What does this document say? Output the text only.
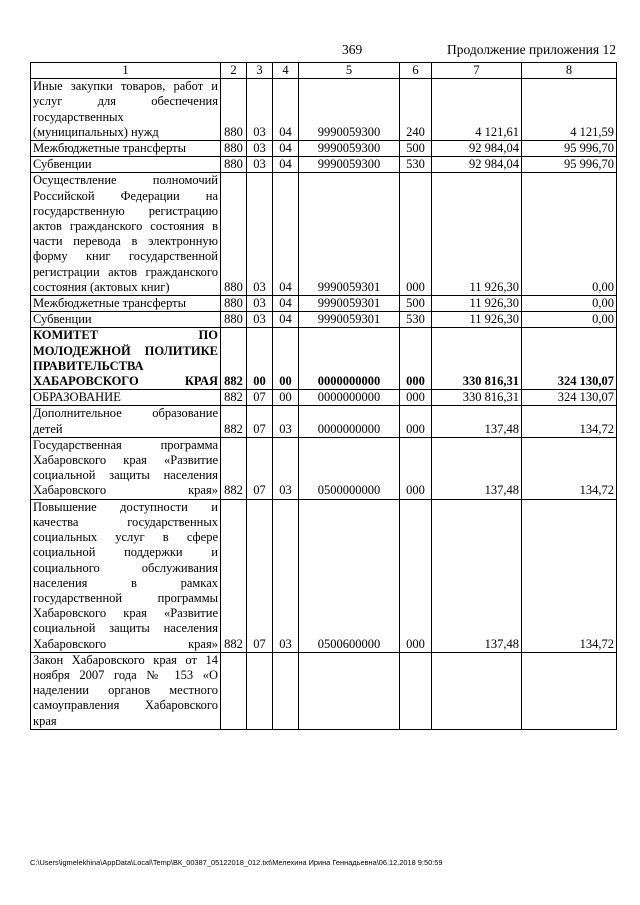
369	Продолжение приложения 12
1	2	3	4	5	6	7	8
Иные закупки товаров, работ и услуг для обеспечения государственных (муниципальных) нужд	880	03	04	9990059300	240	4 121,61	4 121,59
Межбюджетные трансферты	880	03	04	9990059300	500	92 984,04	95 996,70
Субвенции	880	03	04	9990059300	530	92 984,04	95 996,70
Осуществление полномочий Российской Федерации на государственную регистрацию актов гражданского состояния в части перевода в электронную форму книг государственной регистрации актов гражданского состояния (актовых книг)	880	03	04	9990059301	000	11 926,30	0,00
Межбюджетные трансферты	880	03	04	9990059301	500	11 926,30	0,00
Субвенции	880	03	04	9990059301	530	11 926,30	0,00
КОМИТЕТ ПО МОЛОДЕЖНОЙ ПОЛИТИКЕ ПРАВИТЕЛЬСТВА ХАБАРОВСКОГО КРАЯ	882	00	00	0000000000	000	330 816,31	324 130,07
ОБРАЗОВАНИЕ	882	07	00	0000000000	000	330 816,31	324 130,07
Дополнительное образование детей	882	07	03	0000000000	000	137,48	134,72
Государственная программа Хабаровского края «Развитие социальной защиты населения Хабаровского края»	882	07	03	0500000000	000	137,48	134,72
Повышение доступности и качества государственных социальных услуг в сфере социальной поддержки и социального обслуживания населения в рамках государственной программы Хабаровского края «Развитие социальной защиты населения Хабаровского края»	882	07	03	0500600000	000	137,48	134,72
Закон Хабаровского края от 14 ноября 2007 года № 153 «О наделении органов местного самоуправления Хабаровского края							
C:\Users\igmelekhina\AppData\Local\Temp\ВК_00387_05122018_012.txt\Мелехина Ирина Геннадьевна\06.12.2018 9:50:59
